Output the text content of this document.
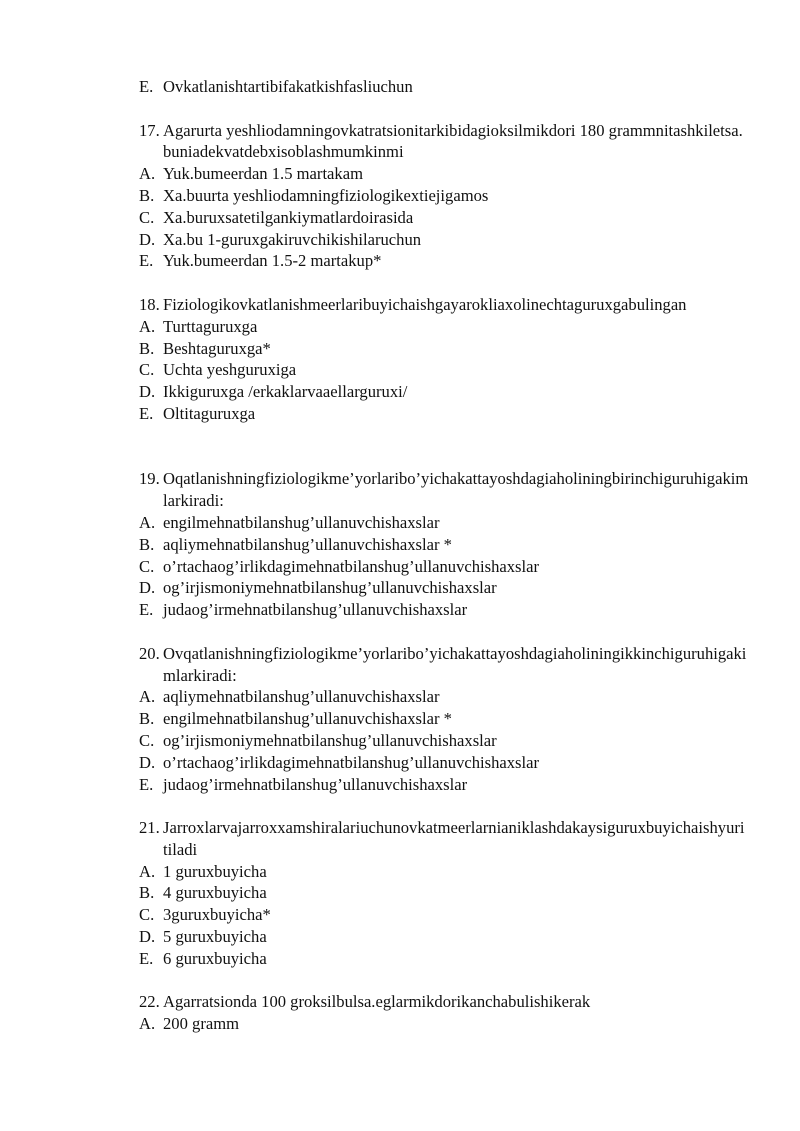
E. Ovkatlanishtartibifakatkishfasliuchun
17. Agarurta yeshliodamningovkatratsionitarkibidagioksilmikdori 180 grammnitashkiletsa.buniadekvatdebxisoblashmumkinmi
A. Yuk.bumeerdan 1.5 martakam
B. Xa.buurta yeshliodamningfiziologikextiejigamos
C. Xa.buruxsatetilgankiymatlardoirasida
D. Xa.bu 1-guruxgakiruvchikishilaruchun
E. Yuk.bumeerdan 1.5-2 martakup*
18. Fiziologikovkatlanishmeerlaribuyichaishgayarokliaxolinechtaguruxgabulingan
A. Turttaguruxga
B. Beshtaguruxga*
C. Uchta yeshguruxiga
D. Ikkiguruxga /erkaklarvaaellarguruxi/
E. Oltitaguruxga
19. Oqatlanishningfiziologikme’yorlaribo’yichakattayoshdagiaholiningbirinchiguruhigakimlarkiradi:
A. engilmehnatbilanshug’ullanuvchishaxslar
B. aqliymehnatbilanshug’ullanuvchishaxslar *
C. o’rtachaog’irlikdagimehnatbilanshug’ullanuvchishaxslar
D. og’irjismoniymehnatbilanshug’ullanuvchishaxslar
E. judaog’irmehnatbilanshug’ullanuvchishaxslar
20. Ovqatlanishningfiziologikme’yorlaribo’yichakattayoshdagiaholiningikkinchiguruhigakimlarkiradi:
A. aqliymehnatbilanshug’ullanuvchishaxslar
B. engilmehnatbilanshug’ullanuvchishaxslar *
C. og’irjismoniymehnatbilanshug’ullanuvchishaxslar
D. o’rtachaog’irlikdagimehnatbilanshug’ullanuvchishaxslar
E. judaog’irmehnatbilanshug’ullanuvchishaxslar
21. Jarroxlarvajarroxxamshiralariuchunovkatmeerlarnianiklashdakaysiguruxbuyichaishyuritiladi
A. 1 guruxbuyicha
B. 4 guruxbuyicha
C. 3guruxbuyicha*
D. 5 guruxbuyicha
E. 6 guruxbuyicha
22. Agarratsionda 100 groksilbulsa.eglarmikdorikanchabulishikerak
A. 200 gramm
